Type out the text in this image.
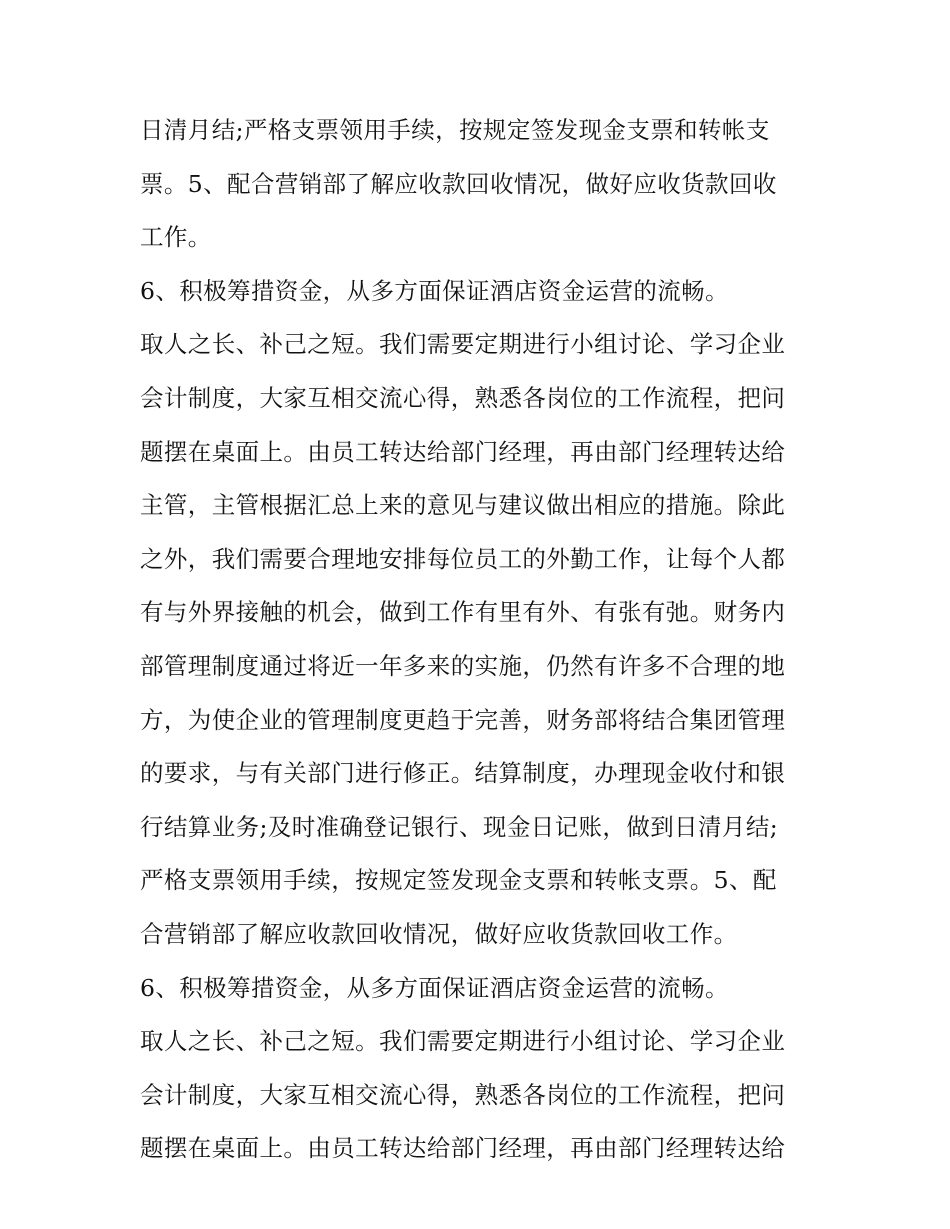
日清月结;严格支票领用手续，按规定签发现金支票和转帐支
票。5、配合营销部了解应收款回收情况，做好应收货款回收
工作。
6、积极筹措资金，从多方面保证酒店资金运营的流畅。
取人之长、补己之短。我们需要定期进行小组讨论、学习企业
会计制度，大家互相交流心得，熟悉各岗位的工作流程，把问
题摆在桌面上。由员工转达给部门经理，再由部门经理转达给
主管，主管根据汇总上来的意见与建议做出相应的措施。除此
之外，我们需要合理地安排每位员工的外勤工作，让每个人都
有与外界接触的机会，做到工作有里有外、有张有弛。财务内
部管理制度通过将近一年多来的实施，仍然有许多不合理的地
方，为使企业的管理制度更趋于完善，财务部将结合集团管理
的要求，与有关部门进行修正。结算制度，办理现金收付和银
行结算业务;及时准确登记银行、现金日记账，做到日清月结;
严格支票领用手续，按规定签发现金支票和转帐支票。5、配
合营销部了解应收款回收情况，做好应收货款回收工作。
6、积极筹措资金，从多方面保证酒店资金运营的流畅。
取人之长、补己之短。我们需要定期进行小组讨论、学习企业
会计制度，大家互相交流心得，熟悉各岗位的工作流程，把问
题摆在桌面上。由员工转达给部门经理，再由部门经理转达给
